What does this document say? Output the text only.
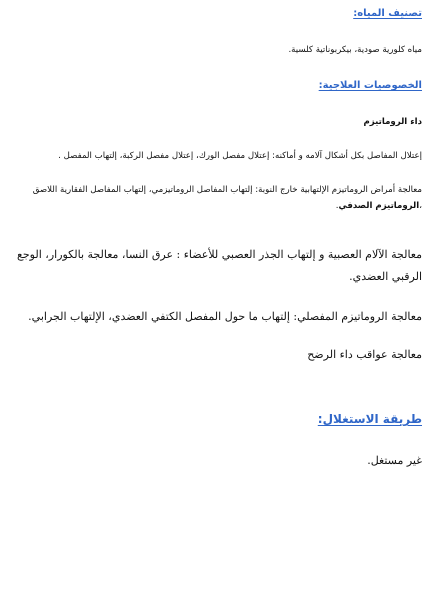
تصنيف المياه:

مياه كلورية صودية، بيكربوناتية كلسية.

الخصوصيات العلاجية:

داء الروماتيزم

إعتلال المفاصل بكل أشكال آلامه و أماكنه: إعتلال مفصل الورك، إعتلال مفصل الركبة، إلتهاب المفصل .

معالجة أمراض الروماتيزم الإلتهابية خارج النوبة: إلتهاب المفاصل الروماتيزمي، إلتهاب المفاصل الفقارية اللاصق ،الروماتيزم الصدفي.

معالجة الآلام العصبية و إلتهاب الجذر العصبي للأعضاء : عرق النسا، معالجة بالكورار، الوجع الرقبي العضدي.

معالجة الروماتيزم المفصلي: إلتهاب ما حول المفصل الكتفي العضدي، الإلتهاب الجرابي.

معالجة عواقب داء الرضح

طريقة الاستغلال:

غير مستغل.
